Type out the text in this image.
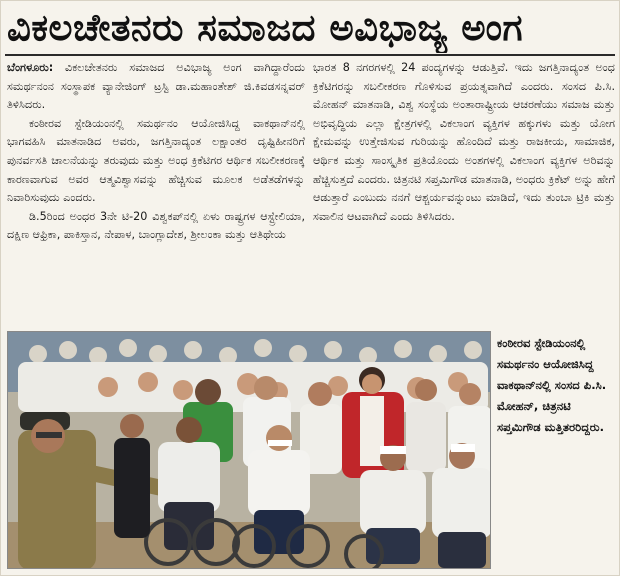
ವಿಕಲಚೇತನರು ಸಮಾಜದ ಅವಿಭಾಜ್ಯ ಅಂಗ

ಬೆಂಗಳೂರು: ವಿಕಲಚೇತನರು ಸಮಾಜದ ಅವಿಭಾಜ್ಯ ಅಂಗ ವಾಗಿದ್ದಾರೆಂದು ಸಮರ್ಥನಂನ ಸಂಸ್ಥಾಪಕ ವ್ಯಾನೇಜಿಂಗ್ ಟ್ರಸ್ಟಿ ಡಾ.ಮಹಾಂತೇಶ್ ಜಿ.ಕಿವಡಸನ್ನವರ್ ತಿಳಿಸಿದರು.

ಕಂಠೀರವ ಸ್ಟೇಡಿಯಂನಲ್ಲಿ ಸಮರ್ಥನಂ ಆಯೋಜಿಸಿದ್ದ ವಾಕಥಾನ್‌ನಲ್ಲಿ ಭಾಗವಹಿಸಿ ಮಾತನಾಡಿದ ಅವರು, ಜಗತ್ತಿನಾದ್ಯಂತ ಲಕ್ಷಾಂತರ ದೃಷ್ಟಿಹೀನರಿಗೆ ಪುನರ್ವಸತಿ ಚಾಲನೆಯನ್ನು ತರುವುದು ಮತ್ತು ಅಂಧ ಕ್ರಿಕೆಟಿಗರ ಆರ್ಥಿಕ ಸಬಲೀಕರಣಕ್ಕೆ ಕಾರಣವಾಗುವ ಅವರ ಆತ್ಮವಿಶ್ವಾಸವನ್ನು ಹೆಚ್ಚಿಸುವ ಮೂಲಕ ಅಡೆತಡೆಗಳನ್ನು ನಿವಾರಿಸುವುದು ಎಂದರು.

ಡಿ.5ರಿಂದ ಅಂಧರ 3ನೇ ಟಿ-20 ವಿಶ್ವಕಪ್‌ನಲ್ಲಿ ಏಳು ರಾಷ್ಟ್ರಗಳ ಆಸ್ಟ್ರೇಲಿಯಾ, ದಕ್ಷಿಣ ಆಫ್ರಿಕಾ, ಪಾಕಿಸ್ತಾನ, ನೇಪಾಳ, ಬಾಂಗ್ಲಾದೇಶ, ಶ್ರೀಲಂಕಾ ಮತ್ತು ಆತಿಥೇಯ

ಭಾರತ 8 ನಗರಗಳಲ್ಲಿ 24 ಪಂದ್ಯಗಳನ್ನು ಆಡುತ್ತಿವೆ. ಇದು ಜಗತ್ತಿನಾದ್ಯಂತ ಅಂಧ ಕ್ರಿಕೆಟಿಗರನ್ನು ಸಬಲೀಕರಣ ಗೊಳಿಸುವ ಪ್ರಯತ್ನವಾಗಿದೆ ಎಂದರು. ಸಂಸದ ಪಿ.ಸಿ. ಮೋಹನ್ ಮಾತನಾಡಿ, ವಿಶ್ವ ಸಂಸ್ಥೆಯ ಅಂತಾರಾಷ್ಟ್ರೀಯ ಆಚರಣೆಯು ಸಮಾಜ ಮತ್ತು ಅಭಿವೃದ್ಧಿಯ ಎಲ್ಲಾ ಕ್ಷೇತ್ರಗಳಲ್ಲಿ ವಿಕಲಾಂಗ ವ್ಯಕ್ತಿಗಳ ಹಕ್ಕುಗಳು ಮತ್ತು ಯೋಗ ಕ್ಷೇಮವನ್ನು ಉತ್ತೇಜಿಸುವ ಗುರಿಯನ್ನು ಹೊಂದಿದೆ ಮತ್ತು ರಾಜಕೀಯ, ಸಾಮಾಜಿಕ, ಆರ್ಥಿಕ ಮತ್ತು ಸಾಂಸ್ಕೃತಿಕ ಪ್ರತಿಯೊಂದು ಅಂಶಗಳಲ್ಲಿ ವಿಕಲಾಂಗ ವ್ಯಕ್ತಿಗಳ ಅರಿವನ್ನು ಹೆಚ್ಚಿಸುತ್ತದೆ ಎಂದರು. ಚಿತ್ರನಟಿ ಸಪ್ತಮಿಗೌಡ ಮಾತನಾಡಿ, ಅಂಧರು ಕ್ರಿಕೆಟ್ ಅನ್ನು ಹೇಗೆ ಆಡುತ್ತಾರೆ ಎಂಬುದು ನನಗೆ ಆಶ್ಚರ್ಯವನ್ನುಂಟು ಮಾಡಿದೆ, ಇದು ತುಂಬಾ ಟ್ರಿಕಿ ಮತ್ತು ಸವಾಲಿನ ಆಟವಾಗಿದೆ ಎಂದು ತಿಳಿಸಿದರು.

ಕಂಠೀರವ ಸ್ಟೇಡಿಯಂನಲ್ಲಿ ಸಮರ್ಥನಂ ಆಯೋಜಿಸಿದ್ದ ವಾಕಥಾನ್‌ನಲ್ಲಿ ಸಂಸದ ಪಿ.ಸಿ. ಮೋಹನ್, ಚಿತ್ರನಟಿ ಸಪ್ತಮಿಗೌಡ ಮತ್ತಿತರರಿದ್ದರು.
